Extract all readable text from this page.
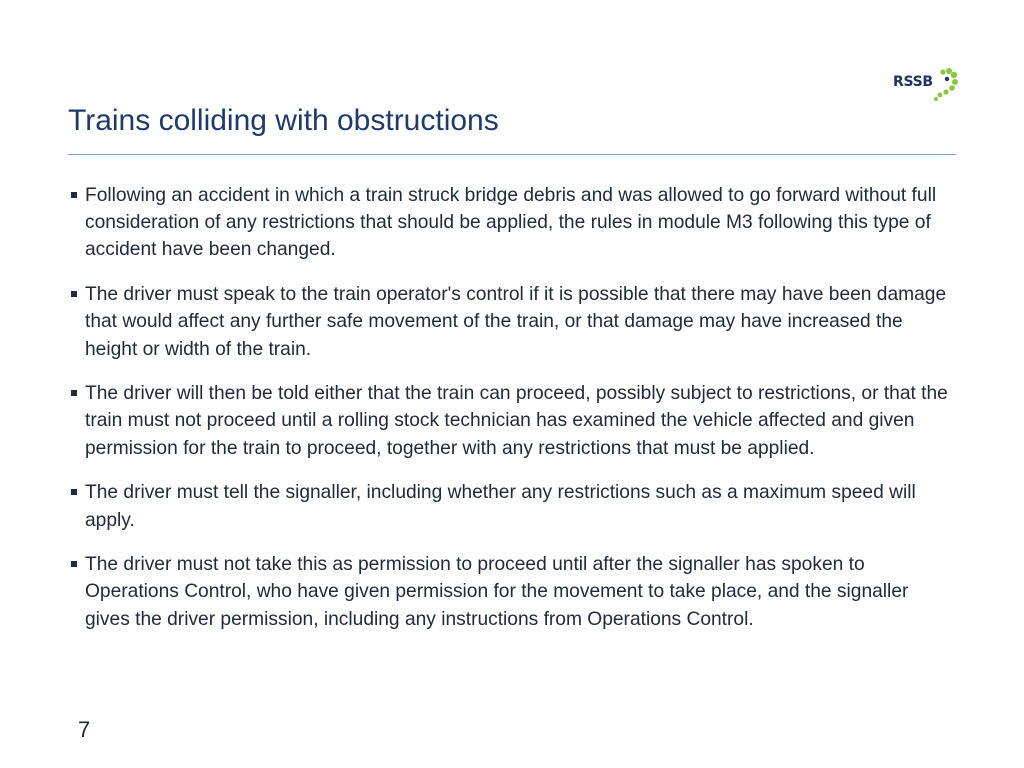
RSSB
Trains colliding with obstructions
Following an accident in which a train struck bridge debris and was allowed to go forward without full consideration of any restrictions that should be applied, the rules in module M3 following this type of accident have been changed.
The driver must speak to the train operator's control if it is possible that there may have been damage that would affect any further safe movement of the train, or that damage may have increased the height or width of the train.
The driver will then be told either that the train can proceed, possibly subject to restrictions, or that the train must not proceed until a rolling stock technician has examined the vehicle affected and given permission for the train to proceed, together with any restrictions that must be applied.
The driver must tell the signaller, including whether any restrictions such as a maximum speed will apply.
The driver must not take this as permission to proceed until after the signaller has spoken to Operations Control, who have given permission for the movement to take place, and the signaller gives the driver permission, including any instructions from Operations Control.
7
